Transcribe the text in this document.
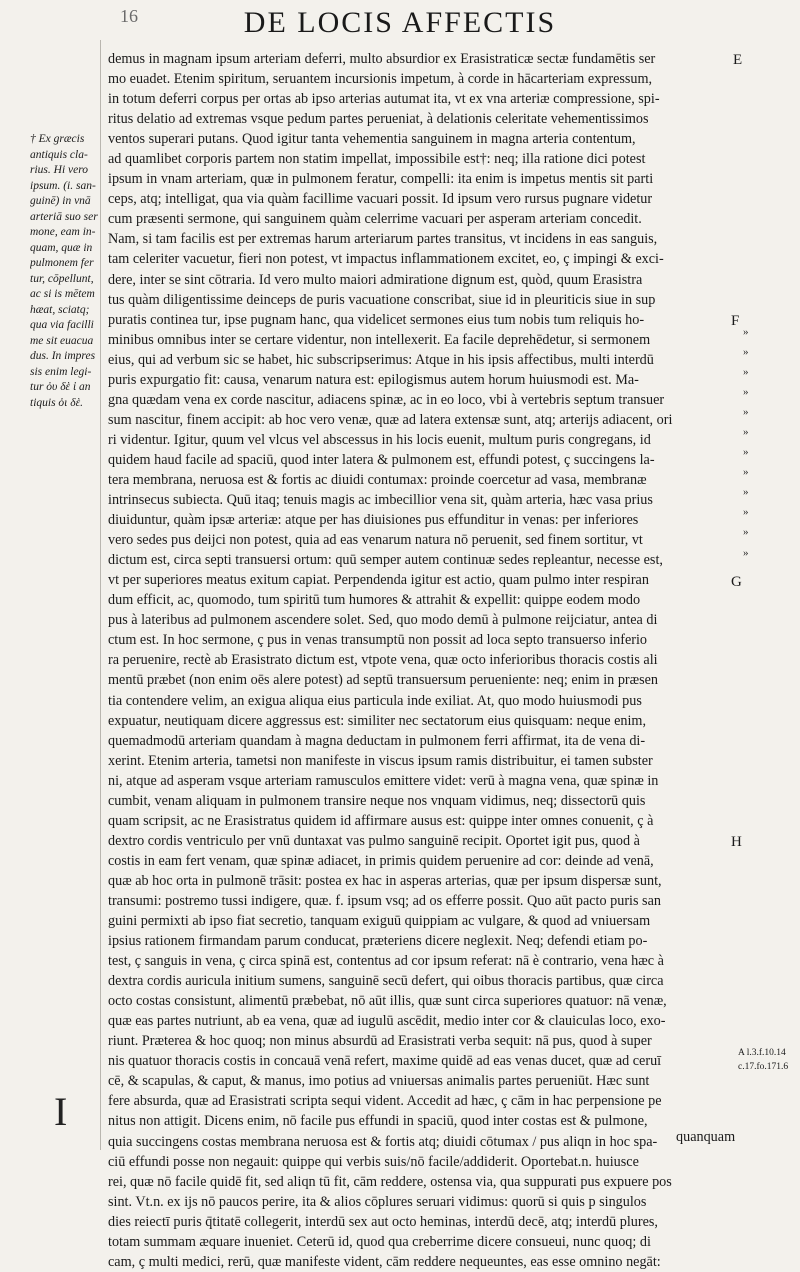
16	DE LOCIS AFFECTIS
† Ex græcis
antiquis cla-
rius. Hi vero
ipsum. (i. san-
guinē) in vnā
arteriā suo ser
mone, eam in-
quam, quæ in
pulmonem fer
tur, cōpellunt,
ac si is mētem
hæat, sciatq;
qua via facilli
me sit euacua
dus. In impres
sis enim legi-
tur ὀυ δὲ ἱ an
tiquis ὁι δὲ.
demus in magnam ipsum arteriam deferri, multo absurdior ex Erasistraticæ sectæ fundamētis ser
mo euadet. Etenim spiritum, seruantem incursionis impetum, à corde in hācarteriam expressum,
in totum deferri corpus per ortas ab ipso arterias autumat ita, vt ex vna arteriæ compressione, spi-
ritus delatio ad extremas vsque pedum partes perueniat, à delationis celeritate vehementissimos
ventos superari putans. Quod igitur tanta vehementia sanguinem in magna arteria contentum,
ad quamlibet corporis partem non statim impellat, impossibile est†: neq; illa ratione dici potest
ipsum in vnam arteriam, quæ in pulmonem feratur, compelli: ita enim is impetus mentis sit parti
ceps, atq; intelligat, qua via quàm facillime vacuari possit. Id ipsum vero rursus pugnare videtur
cum præsenti sermone, qui sanguinem quàm celerrime vacuari per asperam arteriam concedit.
Nam, si tam facilis est per extremas harum arteriarum partes transitus, vt incidens in eas sanguis,
tam celeriter vacuetur, fieri non potest, vt impactus inflammationem excitet, eo, ç impingi & exci-
dere, inter se sint cōtraria. Id vero multo maiori admiratione dignum est, quòd, quum Erasistra
tus quàm diligentissime deinceps de puris vacuatione conscribat, siue id in pleuriticis siue in sup
puratis continea tur, ipse pugnam hanc, qua videlicet sermones eius tum nobis tum reliquis ho-
minibus omnibus inter se certare videntur, non intellexerit. Ea facile deprehēdetur, si sermonem
eius, qui ad verbum sic se habet, hic subscripserimus: Atque in his ipsis affectibus, multi interdū
puris expurgatio fit: causa, venarum natura est: epilogismus autem horum huiusmodi est. Ma-
gna quædam vena ex corde nascitur, adiacens spinæ, ac in eo loco, vbi à vertebris septum transuer
sum nascitur, finem accipit: ab hoc vero venæ, quæ ad latera extensæ sunt, atq; arterijs adiacent, ori
ri videntur. Igitur, quum vel vlcus vel abscessus in his locis euenit, multum puris congregans, id
quidem haud facile ad spaciū, quod inter latera & pulmonem est, effundi potest, ç succingens la-
tera membrana, neruosa est & fortis ac diuidi contumax: proinde coercetur ad vasa, membranæ
intrinsecus subiecta. Quū itaq; tenuis magis ac imbecillior vena sit, quàm arteria, hæc vasa prius
diuiduntur, quàm ipsæ arteriæ: atque per has diuisiones pus effunditur in venas: per inferiores
vero sedes pus deijci non potest, quia ad eas venarum natura nō peruenit, sed finem sortitur, vt
dictum est, circa septi transuersi ortum: quū semper autem continuæ sedes repleantur, necesse est,
vt per superiores meatus exitum capiat. Perpendenda igitur est actio, quam pulmo inter respiran
dum efficit, ac, quomodo, tum spiritū tum humores & attrahit & expellit: quippe eodem modo
pus à lateribus ad pulmonem ascendere solet. Sed, quo modo demū à pulmone reijciatur, antea di
ctum est. In hoc sermone, ç pus in venas transumptū non possit ad loca septo transuerso inferio
ra peruenire, rectè ab Erasistrato dictum est, vtpote vena, quæ octo inferioribus thoracis costis ali
mentū præbet (non enim oēs alere potest) ad septū transuersum perueniente: neq; enim in præsen
tia contendere velim, an exigua aliqua eius particula inde exiliat. At, quo modo huiusmodi pus
expuatur, neutiquam dicere aggressus est: similiter nec sectatorum eius quisquam: neque enim,
quemadmodū arteriam quandam à magna deductam in pulmonem ferri affirmat, ita de vena di-
xerint. Etenim arteria, tametsi non manifeste in viscus ipsum ramis distribuitur, ei tamen subster
ni, atque ad asperam vsque arteriam ramusculos emittere videt: verū à magna vena, quæ spinæ in
cumbit, venam aliquam in pulmonem transire neque nos vnquam vidimus, neq; dissectorū quis
quam scripsit, ac ne Erasistratus quidem id affirmare ausus est: quippe inter omnes conuenit, ç à
dextro cordis ventriculo per vnū duntaxat vas pulmo sanguinē recipit. Oportet igit pus, quod à
costis in eam fert venam, quæ spinæ adiacet, in primis quidem peruenire ad cor: deinde ad venā,
quæ ab hoc orta in pulmonē trāsit: postea ex hac in asperas arterias, quæ per ipsum dispersæ sunt,
transumi: postremo tussi indigere, quæ. f. ipsum vsq; ad os efferre possit. Quo aūt pacto puris san
guini permixti ab ipso fiat secretio, tanquam exiguū quippiam ac vulgare, & quod ad vniuersam
ipsius rationem firmandam parum conducat, præteriens dicere neglexit. Neq; defendi etiam po-
test, ç sanguis in vena, ç circa spinā est, contentus ad cor ipsum referat: nā è contrario, vena hæc à
dextra cordis auricula initium sumens, sanguinē secū defert, qui oibus thoracis partibus, quæ circa
octo costas consistunt, alimentū præbebat, nō aūt illis, quæ sunt circa superiores quatuor: nā venæ,
quæ eas partes nutriunt, ab ea vena, quæ ad iugulū ascēdit, medio inter cor & clauiculas loco, exo-
riunt. Præterea & hoc quoq; non minus absurdū ad Erasistrati verba sequit: nā pus, quod à super
nis quatuor thoracis costis in concauā venā refert, maxime quidē ad eas venas ducet, quæ ad ceruī
cē, & scapulas, & caput, & manus, imo potius ad vniuersas animalis partes perueniūt. Hæc sunt
fere absurda, quæ ad Erasistrati scripta sequi vident. Accedit ad hæc, ç cām in hac perpensione pe
nitus non attigit. Dicens enim, nō facile pus effundi in spaciū, quod inter costas est & pulmone,
quia succingens costas membrana neruosa est & fortis atq; diuidi cōtumax / pus aliqn in hoc spa-
ciū effundi posse non negauit: quippe qui verbis suis/nō facile/addiderit. Oportebat.n. huiusce
rei, quæ nō facile quidē fit, sed aliqn tū fit, cām reddere, ostensa via, qua suppurati pus expuere pos
sint. Vt.n. ex ijs nō paucos perire, ita & alios cōplures seruari vidimus: quorū si quis p singulos
dies reiectī puris q̄titatē collegerit, interdū sex aut octo heminas, interdū decē, atq; interdū plures,
totam summam æquare inueniet. Ceterū id, quod qua creberrime dicere consueui, nunc quoq; di
cam, ç multi medici, rerū, quæ manifeste vident, cām reddere nequeuntes, eas esse omnino negāt:
E
F
G
H
»
»
»
»
»
»
»
»
»
»
»
»
A l.3.f.10.14
c.17.fo.171.6
I
quanquam
